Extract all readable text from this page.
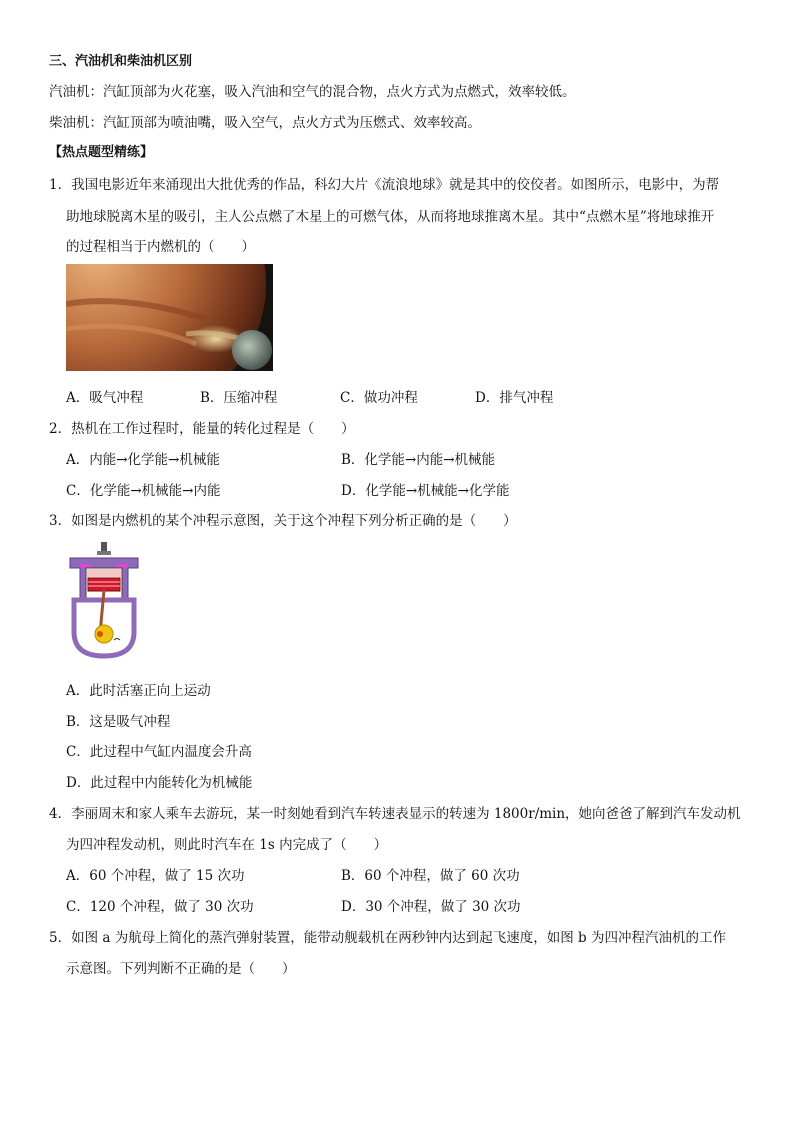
三、汽油机和柴油机区别
汽油机：汽缸顶部为火花塞，吸入汽油和空气的混合物，点火方式为点燃式，效率较低。
柴油机：汽缸顶部为喷油嘴，吸入空气，点火方式为压燃式、效率较高。
【热点题型精练】
1．我国电影近年来涌现出大批优秀的作品，科幻大片《流浪地球》就是其中的佼佼者。如图所示，电影中，为帮
助地球脱离木星的吸引，主人公点燃了木星上的可燃气体，从而将地球推离木星。其中“点燃木星”将地球推开
的过程相当于内燃机的（　　）
A．吸气冲程	B．压缩冲程	C．做功冲程	D．排气冲程
2．热机在工作过程时，能量的转化过程是（　　）
A．内能→化学能→机械能	B．化学能→内能→机械能
C．化学能→机械能→内能	D．化学能→机械能→化学能
3．如图是内燃机的某个冲程示意图，关于这个冲程下列分析正确的是（　　）
A．此时活塞正向上运动
B．这是吸气冲程
C．此过程中气缸内温度会升高
D．此过程中内能转化为机械能
4．李丽周末和家人乘车去游玩，某一时刻她看到汽车转速表显示的转速为 1800r/min，她向爸爸了解到汽车发动机
为四冲程发动机，则此时汽车在 1s 内完成了（　　）
A．60 个冲程，做了 15 次功	B．60 个冲程，做了 60 次功
C．120 个冲程，做了 30 次功	D．30 个冲程，做了 30 次功
5．如图 a 为航母上简化的蒸汽弹射装置，能带动舰载机在两秒钟内达到起飞速度，如图 b 为四冲程汽油机的工作
示意图。下列判断不正确的是（　　）
